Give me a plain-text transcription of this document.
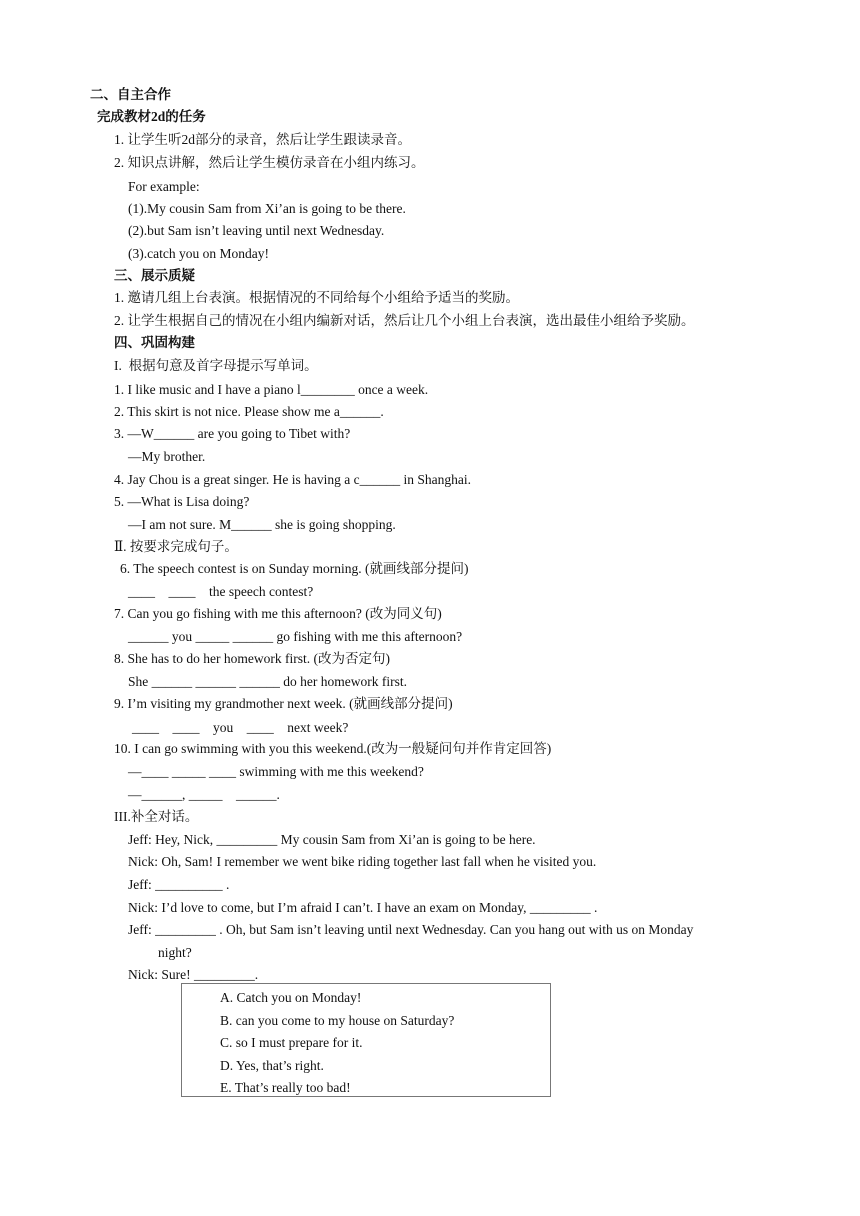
二、自主合作
完成教材2d的任务
1. 让学生听2d部分的录音，然后让学生跟读录音。
2. 知识点讲解，然后让学生模仿录音在小组内练习。
For example:
(1).My cousin Sam from Xi’an is going to be there.
(2).but Sam isn’t leaving until next Wednesday.
(3).catch you on Monday!
三、展示质疑
1. 邀请几组上台表演。根据情况的不同给每个小组给予适当的奖励。
2. 让学生根据自己的情况在小组内编新对话，然后让几个小组上台表演，选出最佳小组给予奖励。
四、巩固构建
I.  根据句意及首字母提示写单词。
1. I like music and I have a piano l________ once a week.
2. This skirt is not nice. Please show me a______.
3. —W______ are you going to Tibet with?
—My brother.
4. Jay Chou is a great singer. He is having a c______ in Shanghai.
5. —What is Lisa doing?
—I am not sure. M______ she is going shopping.
Ⅱ. 按要求完成句子。
6. The speech contest is on Sunday morning. (就画线部分提问)
____    ____    the speech contest?
7. Can you go fishing with me this afternoon? (改为同义句)
______ you _____ ______ go fishing with me this afternoon?
8. She has to do her homework first. (改为否定句)
She ______ ______ ______ do her homework first.
9. I’m visiting my grandmother next week. (就画线部分提问)
____    ____    you    ____    next week?
10. I can go swimming with you this weekend.(改为一般疑问句并作肯定回答)
—____ _____ ____ swimming with me this weekend?
—______, _____    ______.
III.补全对话。
Jeff: Hey, Nick, _________ My cousin Sam from Xi’an is going to be here.
Nick: Oh, Sam! I remember we went bike riding together last fall when he visited you.
Jeff: __________ .
Nick: I’d love to come, but I’m afraid I can’t. I have an exam on Monday, _________ .
Jeff: _________ . Oh, but Sam isn’t leaving until next Wednesday. Can you hang out with us on Monday
night?
Nick: Sure! _________.
A. Catch you on Monday!
B. can you come to my house on Saturday?
C. so I must prepare for it.
D. Yes, that’s right.
E. That’s really too bad!
